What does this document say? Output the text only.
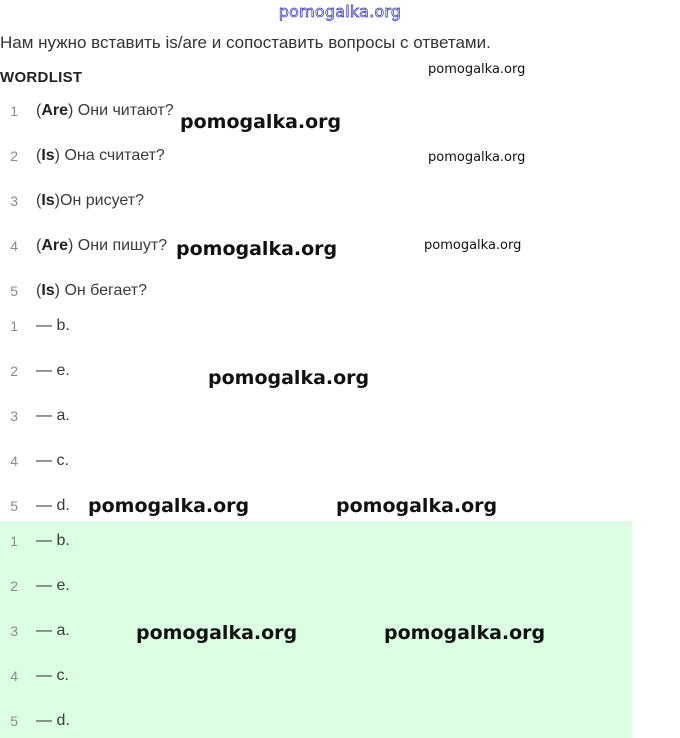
pomogalka.org
Нам нужно вставить is/are и сопоставить вопросы с ответами.
WORDLIST
1 (Are) Они читают?
2 (Is) Она считает?
3 (Is)Он рисует?
4 (Are) Они пишут?
5 (Is) Он бегает?
1 — b.
2 — e.
3 — a.
4 — c.
5 — d.
1 — b.
2 — e.
3 — a.
4 — c.
5 — d.
pomogalka.org
pomogalka.org
pomogalka.org
pomogalka.org	pomogalka.org
pomogalka.org
pomogalka.org	pomogalka.org
pomogalka.org	pomogalka.org
